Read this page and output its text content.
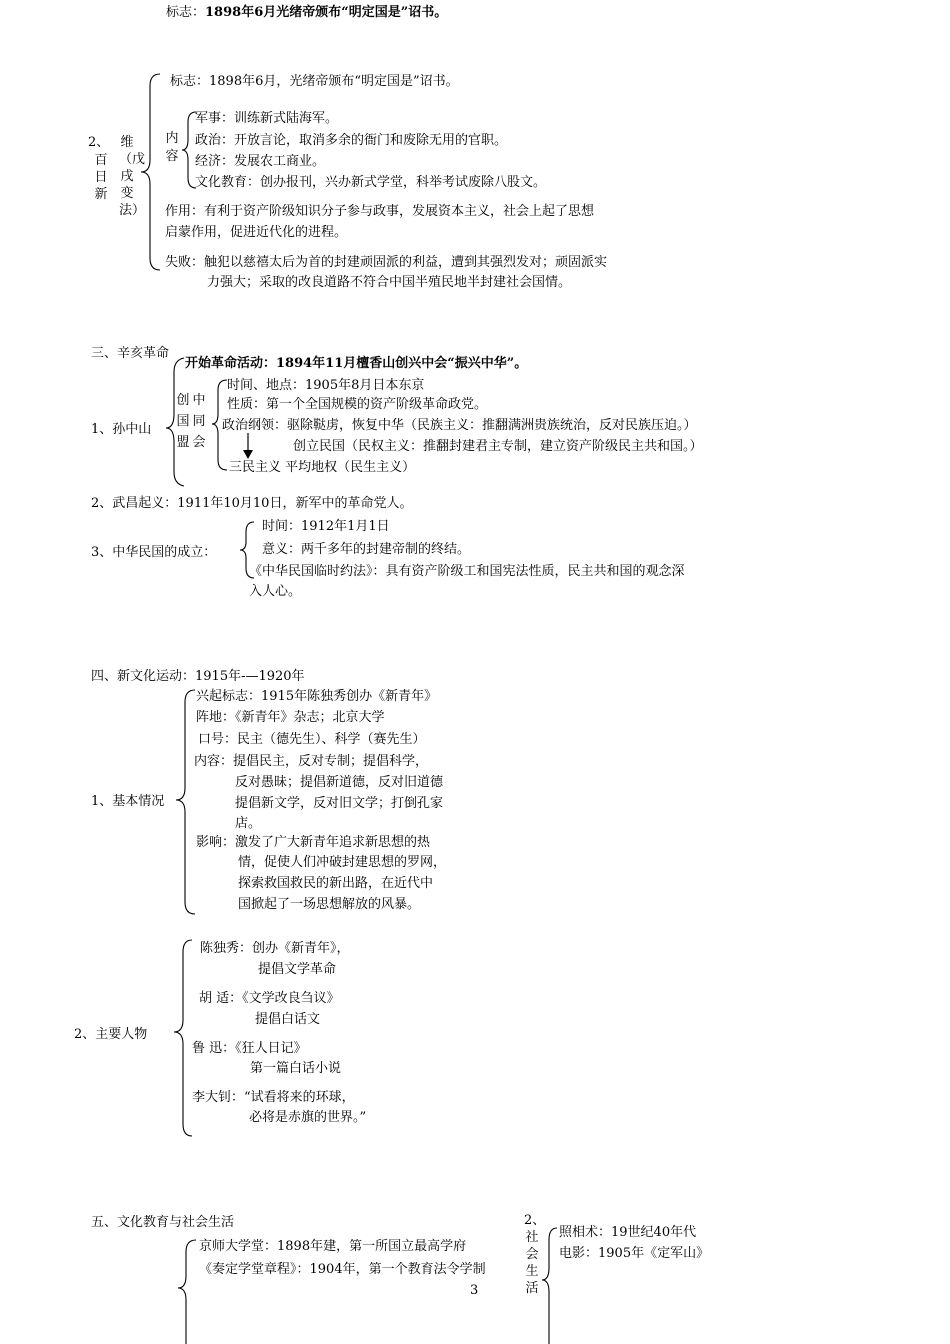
标志：1898年6月光绪帝颁布“明定国是”诏书。
2、
百日新
维（戊戌变法）
标志：1898年6月，光绪帝颁布“明定国是”诏书。
内容
军事：训练新式陆海军。
政治：开放言论，取消多余的衙门和废除无用的官职。
经济：发展农工商业。
文化教育：创办报刊，兴办新式学堂，科举考试废除八股文。
作用：有利于资产阶级知识分子参与政事，发展资本主义，社会上起了思想
启蒙作用，促进近代化的进程。
失败：触犯以慈禧太后为首的封建顽固派的利益，遭到其强烈发对；顽固派实
力强大；采取的改良道路不符合中国半殖民地半封建社会国情。
三、辛亥革命
开始革命活动：1894年11月檀香山创兴中会“振兴中华”。
1、孙中山
创国盟
中同会
时间、地点：1905年8月日本东京
性质：第一个全国规模的资产阶级革命政党。
政治纲领：驱除鞑虏，恢复中华（民族主义：推翻满洲贵族统治，反对民族压迫。）
创立民国（民权主义：推翻封建君主专制，建立资产阶级民主共和国。）
三民主义 平均地权（民生主义）
2、武昌起义：1911年10月10日，新军中的革命党人。
3、中华民国的成立：
时间：1912年1月1日
意义：两千多年的封建帝制的终结。
《中华民国临时约法》：具有资产阶级工和国宪法性质，民主共和国的观念深
入人心。
四、新文化运动：1915年-—1920年
1、基本情况
兴起标志：1915年陈独秀创办《新青年》
阵地：《新青年》杂志；北京大学
口号：民主（德先生）、科学（赛先生）
内容：提倡民主，反对专制；提倡科学，
反对愚昧；提倡新道德，反对旧道德
提倡新文学，反对旧文学；打倒孔家
店。
影响：激发了广大新青年追求新思想的热
情，促使人们冲破封建思想的罗网，
探索救国救民的新出路，在近代中
国掀起了一场思想解放的风暴。
2、主要人物
陈独秀：创办《新青年》，
提倡文学革命
胡 适：《文学改良刍议》
提倡白话文
鲁 迅：《狂人日记》
第一篇白话小说
李大钊：“试看将来的环球，
必将是赤旗的世界。”
五、文化教育与社会生活
京师大学堂：1898年建，第一所国立最高学府
《奏定学堂章程》：1904年，第一个教育法令学制
2、
社会生活
照相术：19世纪40年代
电影：1905年《定军山》
3
